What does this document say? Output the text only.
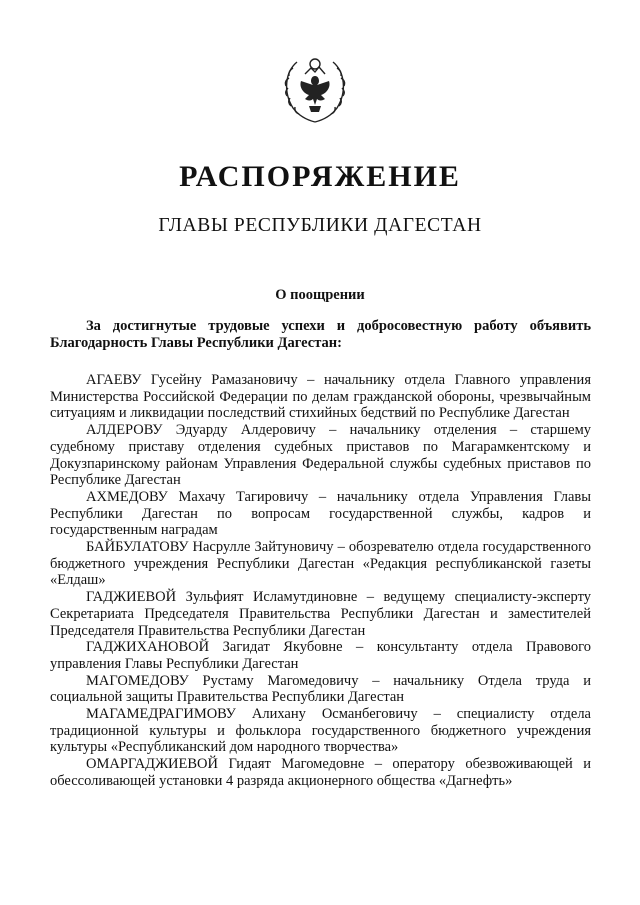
РАСПОРЯЖЕНИЕ
ГЛАВЫ РЕСПУБЛИКИ ДАГЕСТАН
О поощрении
За достигнутые трудовые успехи и добросовестную работу объявить Благодарность Главы Республики Дагестан:

АГАЕВУ Гусейну Рамазановичу – начальнику отдела Главного управления Министерства Российской Федерации по делам гражданской обороны, чрезвычайным ситуациям и ликвидации последствий стихийных бедствий по Республике Дагестан

АЛДЕРОВУ Эдуарду Алдеровичу – начальнику отделения – старшему судебному приставу отделения судебных приставов по Магарамкентскому и Докузпаринскому районам Управления Федеральной службы судебных приставов по Республике Дагестан

АХМЕДОВУ Махачу Тагировичу – начальнику отдела Управления Главы Республики Дагестан по вопросам государственной службы, кадров и государственным наградам

БАЙБУЛАТОВУ Насрулле Зайтуновичу – обозревателю отдела государственного бюджетного учреждения Республики Дагестан «Редакция республиканской газеты «Елдаш»

ГАДЖИЕВОЙ Зульфият Исламутдиновне – ведущему специалисту-эксперту Секретариата Председателя Правительства Республики Дагестан и заместителей Председателя Правительства Республики Дагестан

ГАДЖИХАНОВОЙ Загидат Якубовне – консультанту отдела Правового управления Главы Республики Дагестан

МАГОМЕДОВУ Рустаму Магомедовичу – начальнику Отдела труда и социальной защиты Правительства Республики Дагестан

МАГАМЕДРАГИМОВУ Алихану Османбеговичу – специалисту отдела традиционной культуры и фольклора государственного бюджетного учреждения культуры «Республиканский дом народного творчества»

ОМАРГАДЖИЕВОЙ Гидаят Магомедовне – оператору обезвоживающей и обессоливающей установки 4 разряда акционерного общества «Дагнефть»
